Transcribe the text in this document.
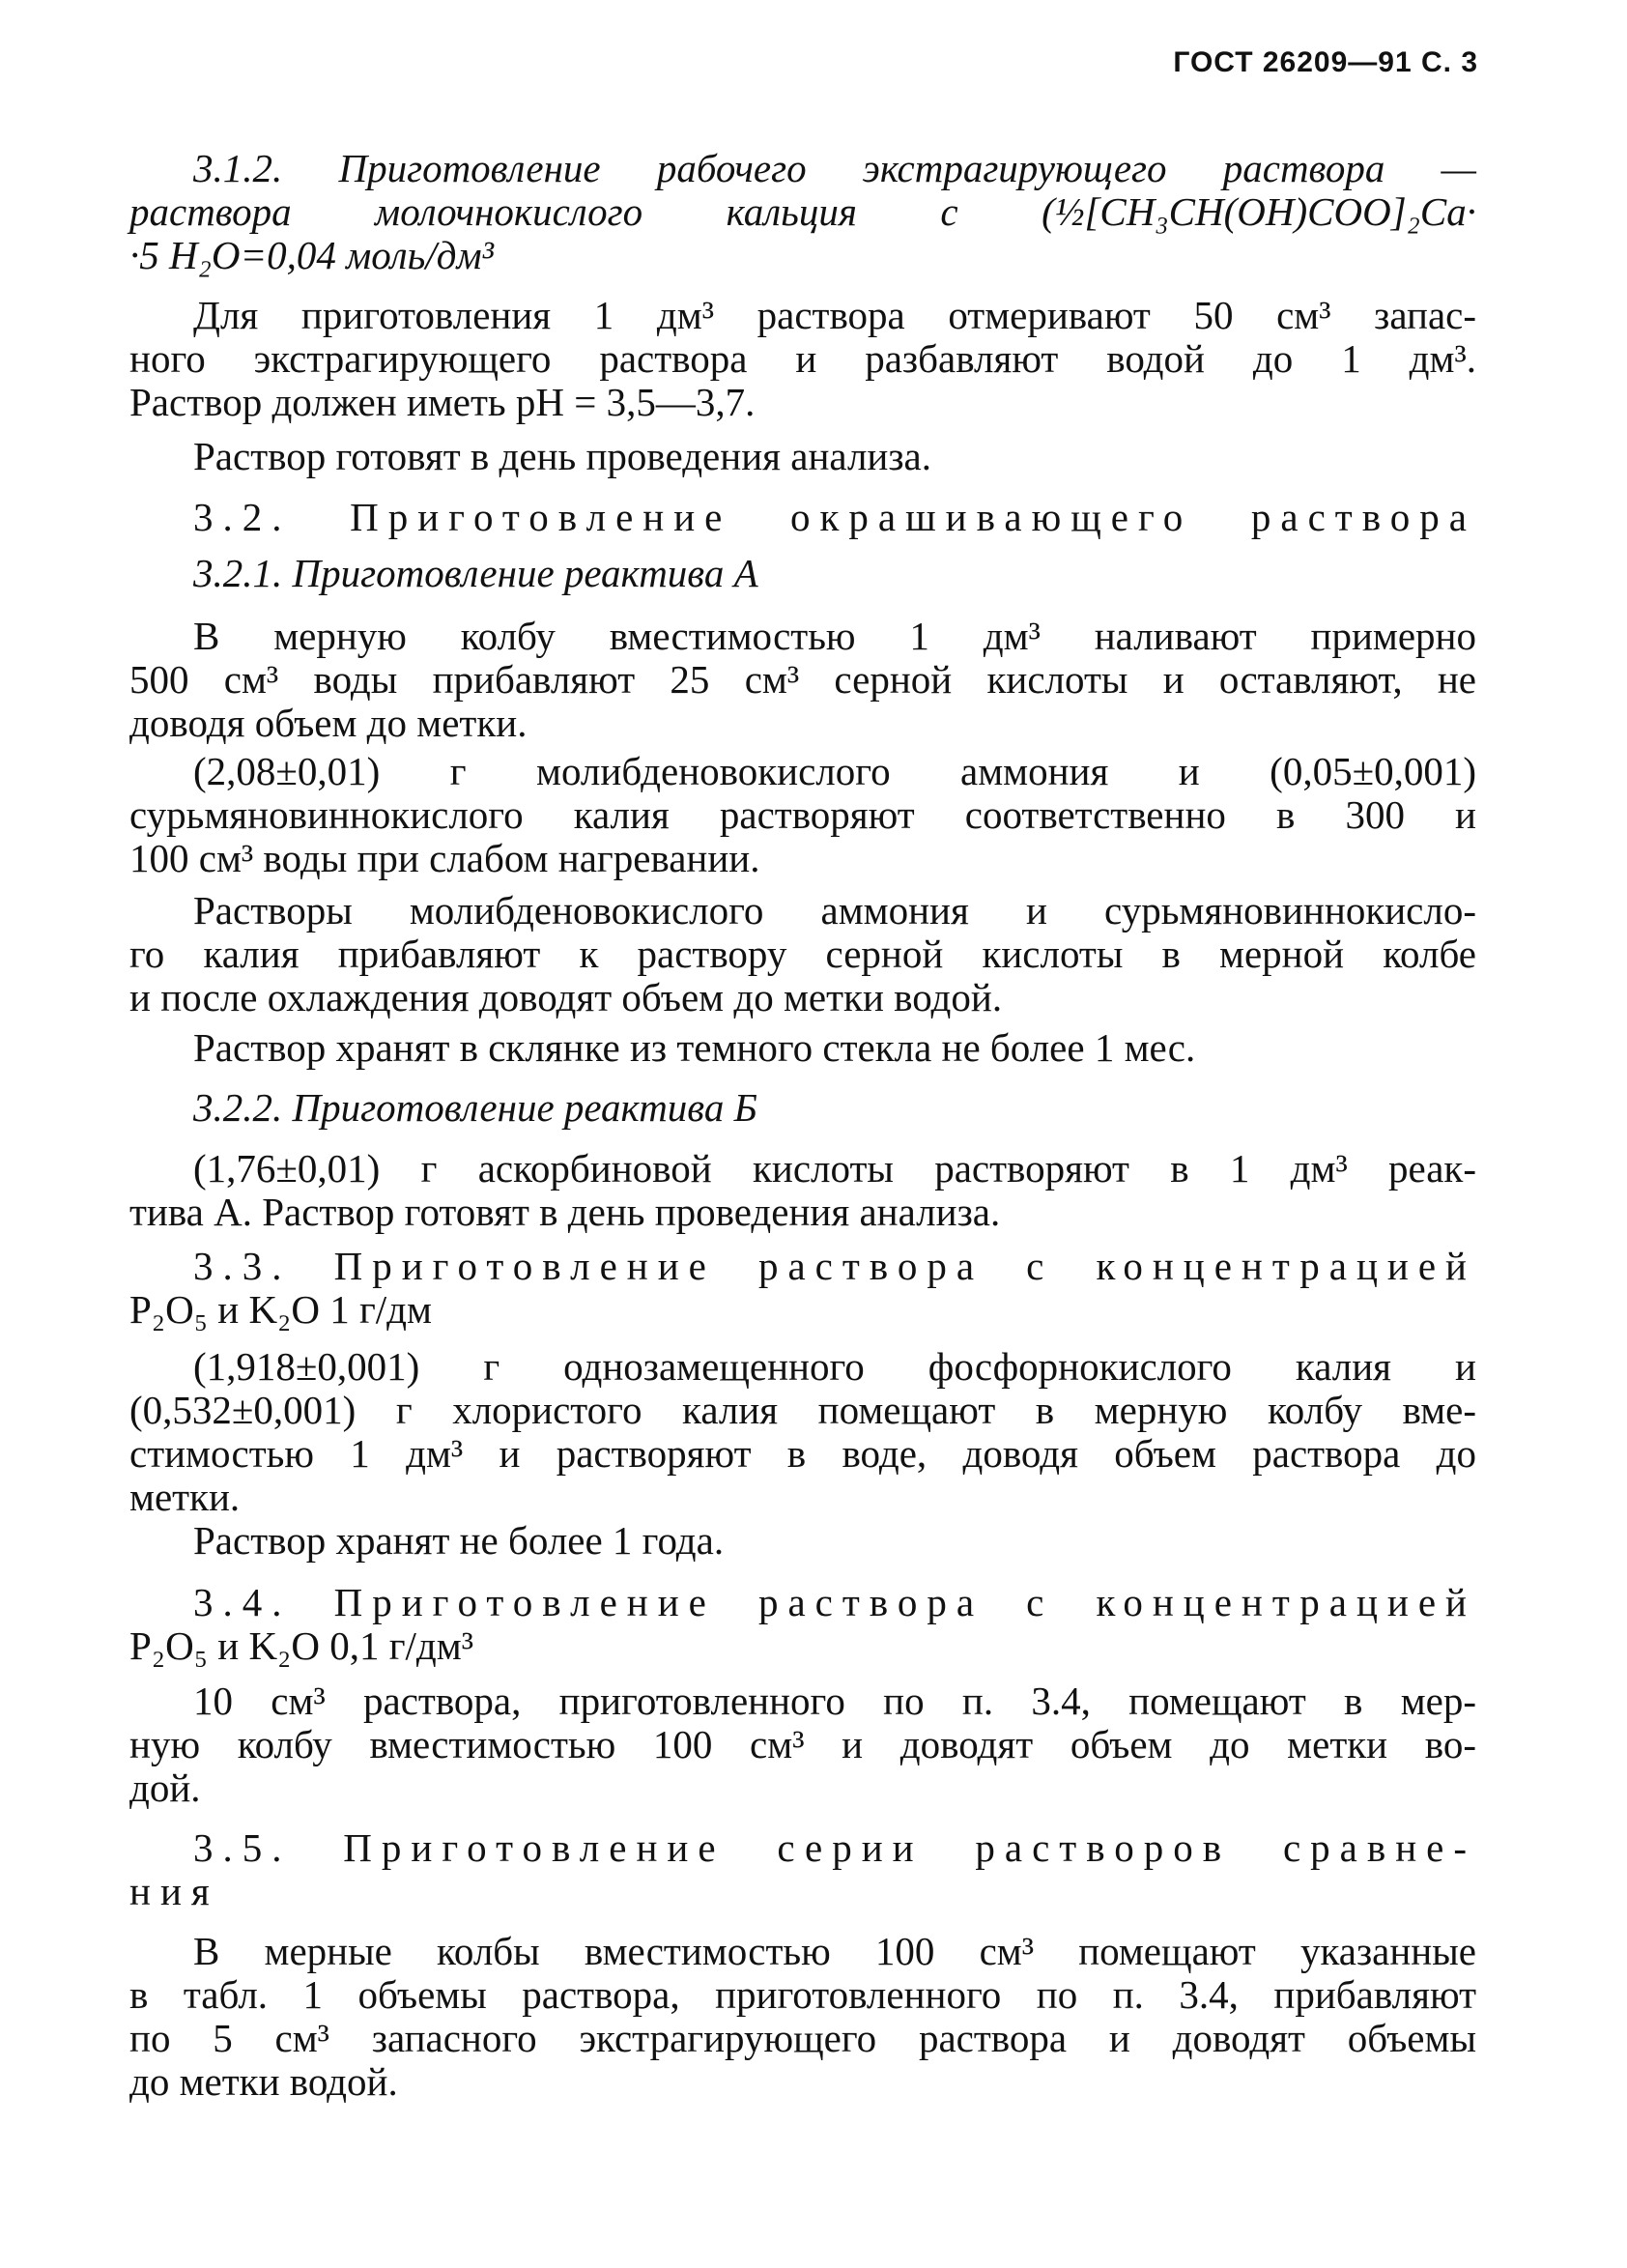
ГОСТ 26209—91 С. 3
3.1.2. Приготовление рабочего экстрагирующего раствора —
раствора молочнокислого кальция с (½[CH₃CH(OH)COO]₂Ca·
·5 H₂O=0,04 моль/дм³
Для приготовления 1 дм³ раствора отмеривают 50 см³ запас-
ного экстрагирующего раствора и разбавляют водой до 1 дм³.
Раствор должен иметь pH = 3,5—3,7.
Раствор готовят в день проведения анализа.
3.2. Приготовление окрашивающего раствора
3.2.1. Приготовление реактива А
В мерную колбу вместимостью 1 дм³ наливают примерно
500 см³ воды прибавляют 25 см³ серной кислоты и оставляют, не
доводя объем до метки.
(2,08±0,01) г молибденовокислого аммония и (0,05±0,001)
сурьмяновиннокислого калия растворяют соответственно в 300 и
100 см³ воды при слабом нагревании.
Растворы молибденовокислого аммония и сурьмяновиннокисло-
го калия прибавляют к раствору серной кислоты в мерной колбе
и после охлаждения доводят объем до метки водой.
Раствор хранят в склянке из темного стекла не более 1 мес.
3.2.2. Приготовление реактива Б
(1,76±0,01) г аскорбиновой кислоты растворяют в 1 дм³ реак-
тива А. Раствор готовят в день проведения анализа.
3.3. Приготовление раствора с концентрацией
P₂O₅ и K₂O 1 г/дм
(1,918±0,001) г однозамещенного фосфорнокислого калия и
(0,532±0,001) г хлористого калия помещают в мерную колбу вме-
стимостью 1 дм³ и растворяют в воде, доводя объем раствора до
метки.
Раствор хранят не более 1 года.
3.4. Приготовление раствора с концентрацией
P₂O₅ и K₂O 0,1 г/дм³
10 см³ раствора, приготовленного по п. 3.4, помещают в мер-
ную колбу вместимостью 100 см³ и доводят объем до метки во-
дой.
3.5. Приготовление серии растворов сравне-
ния
В мерные колбы вместимостью 100 см³ помещают указанные
в табл. 1 объемы раствора, приготовленного по п. 3.4, прибавляют
по 5 см³ запасного экстрагирующего раствора и доводят объемы
до метки водой.
